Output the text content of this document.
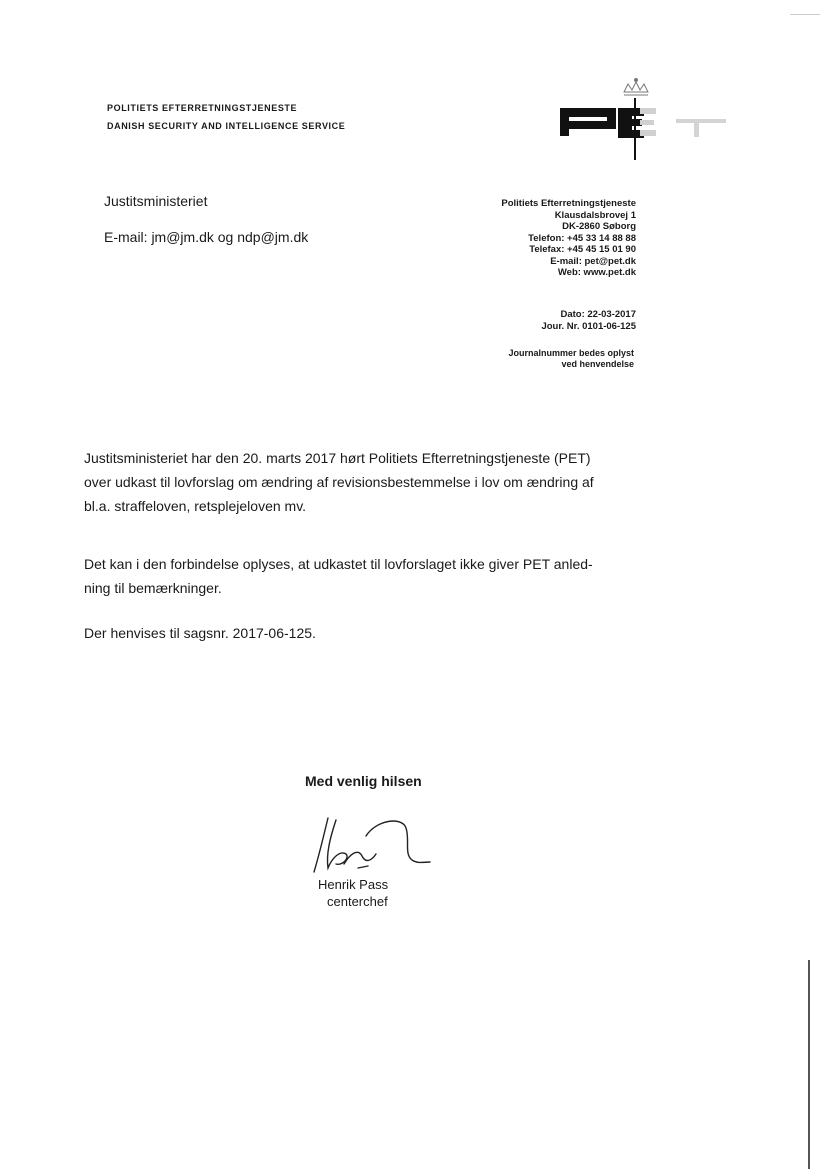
POLITIETS EFTERRETNINGSTJENESTE
DANISH SECURITY AND INTELLIGENCE SERVICE
Justitsministeriet
E-mail: jm@jm.dk og ndp@jm.dk
Politiets Efterretningstjeneste
Klausdalsbrovej 1
DK-2860 Søborg
Telefon: +45 33 14 88 88
Telefax: +45 45 15 01 90
E-mail: pet@pet.dk
Web: www.pet.dk
Dato: 22-03-2017
Jour. Nr. 0101-06-125
Journalnummer bedes oplyst
ved henvendelse
Justitsministeriet har den 20. marts 2017 hørt Politiets Efterretningstjeneste (PET)
over udkast til lovforslag om ændring af revisionsbestemmelse i lov om ændring af
bl.a. straffeloven, retsplejeloven mv.
Det kan i den forbindelse oplyses, at udkastet til lovforslaget ikke giver PET anled-
ning til bemærkninger.
Der henvises til sagsnr. 2017-06-125.
Med venlig hilsen
Henrik Pass
centerchef
